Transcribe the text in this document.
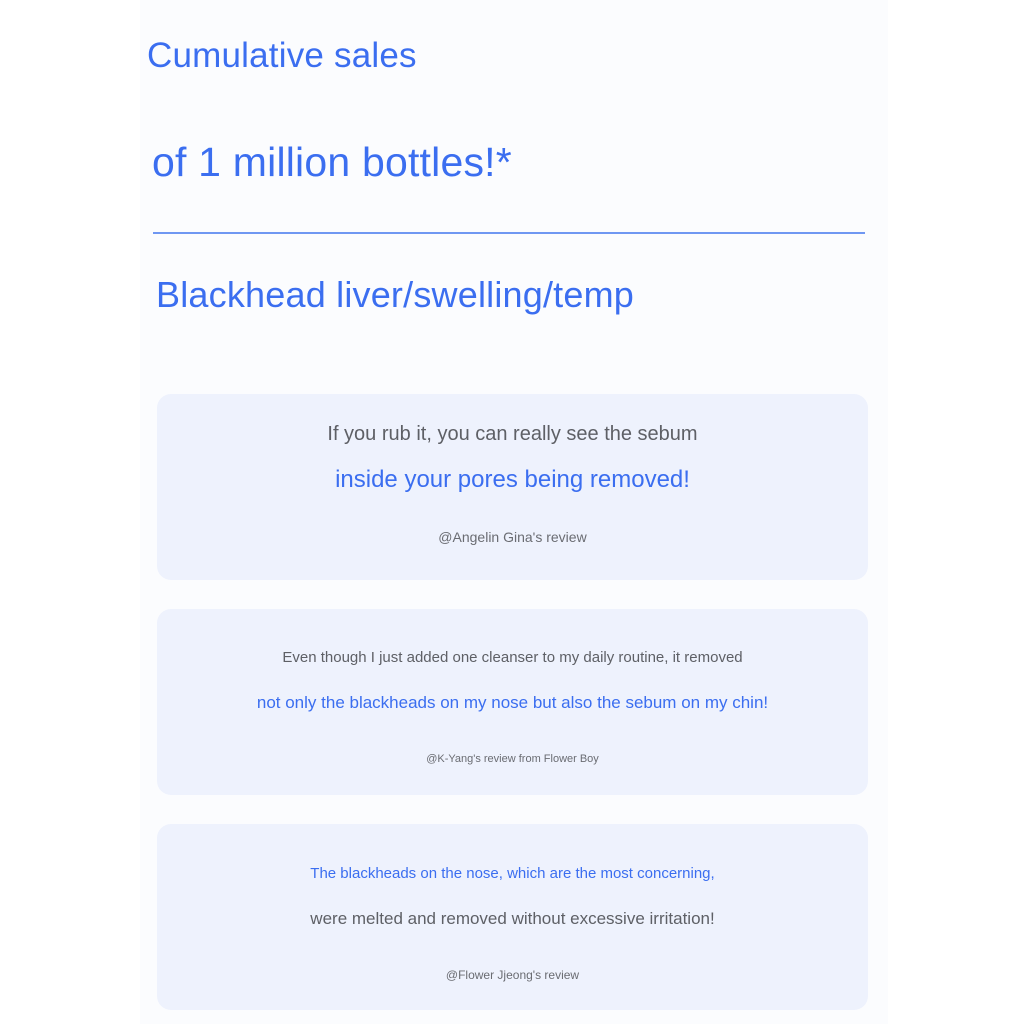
Cumulative sales
of 1 million bottles!*
Blackhead liver/swelling/temp
If you rub it, you can really see the sebum
inside your pores being removed!
@Angelin Gina's review
Even though I just added one cleanser to my daily routine, it removed
not only the blackheads on my nose but also the sebum on my chin!
@K-Yang's review from Flower Boy
The blackheads on the nose, which are the most concerning,
were melted and removed without excessive irritation!
@Flower Jjeong's review
